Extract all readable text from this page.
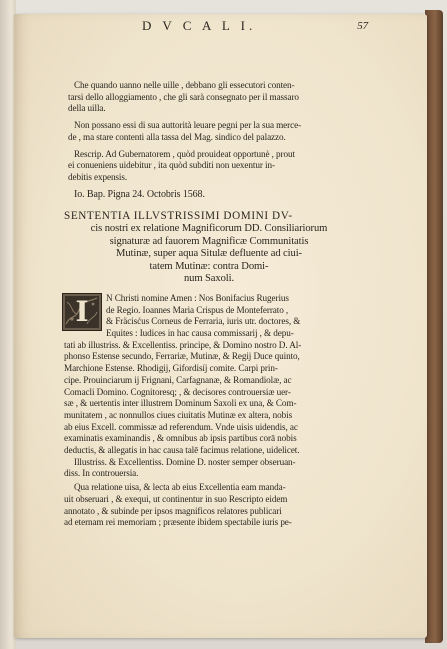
D V C A L I.	57
Che quando uanno nelle uille , debbano gli essecutori conten-
tarsi dello alloggiamento , che gli sarà consegnato per il massaro
della uilla.
Non possano essi di sua auttorità leuare pegni per la sua merce-
de , ma stare contenti alla tassa del Mag. sindico del palazzo.
Rescrip. Ad Gubernatorem , quòd prouideat opportunè , prout
ei conueniens uidebitur , ita quòd subditi non uexentur in-
debitis expensis.
Io. Bap. Pigna 24. Octobris 1568.
SENTENTIA ILLVSTRISSIMI DOMINI DV-
cis nostri ex relatione Magnificorum DD. Consiliariorum
signaturæ ad fauorem Magnificæ Communitatis
Mutinæ, super aqua Situlæ defluente ad ciui-
tatem Mutinæ: contra Domi-
num Saxoli.
I	N Christi nomine Amen : Nos Bonifacius Rugerius
de Regio. Ioannes Maria Crispus de Monteferrato ,
& Fräcisćus Corneus de Ferraria, iuris utr. doctores, &
Equites : Iudices in hac causa commissarij , & depu-
tati ab illustriss. & Excellentiss. principe, & Domino nostro D. Al-
phonso Estense secundo, Ferrariæ, Mutinæ, & Regij Duce quinto,
Marchione Estense. Rhodigij, Gifordisíj comite. Carpi prin-
cipe. Prouinciarum ij Frignani, Carfagnanæ, & Romandiolæ, ac
Comacli Domino. Cognitoresq; , & decisores controuersiæ uer-
sæ , & uertentis inter illustrem Dominum Saxoli ex una, & Com-
munitatem , ac nonnullos ciues ciuitatis Mutinæ ex altera, nobis
ab eius Excell. commissæ ad referendum. Vnde uisis uidendis, ac
examinatis examinandis , & omnibus ab ipsis partibus corā nobis
deductis, & allegatis in hac causa talē facimus relatione, uidelicet.
Illustriss. & Excellentiss. Domine D. noster semper obseruan-
diss. In controuersia.
Qua relatione uisa, & lecta ab eius Excellentia eam manda-
uit obseruari , & exequi, ut continentur in suo Rescripto eidem
annotato , & subinde per ipsos magnificos relatores publicari
ad eternam rei memoriam ; præsente ibidem spectabile iuris pe-
